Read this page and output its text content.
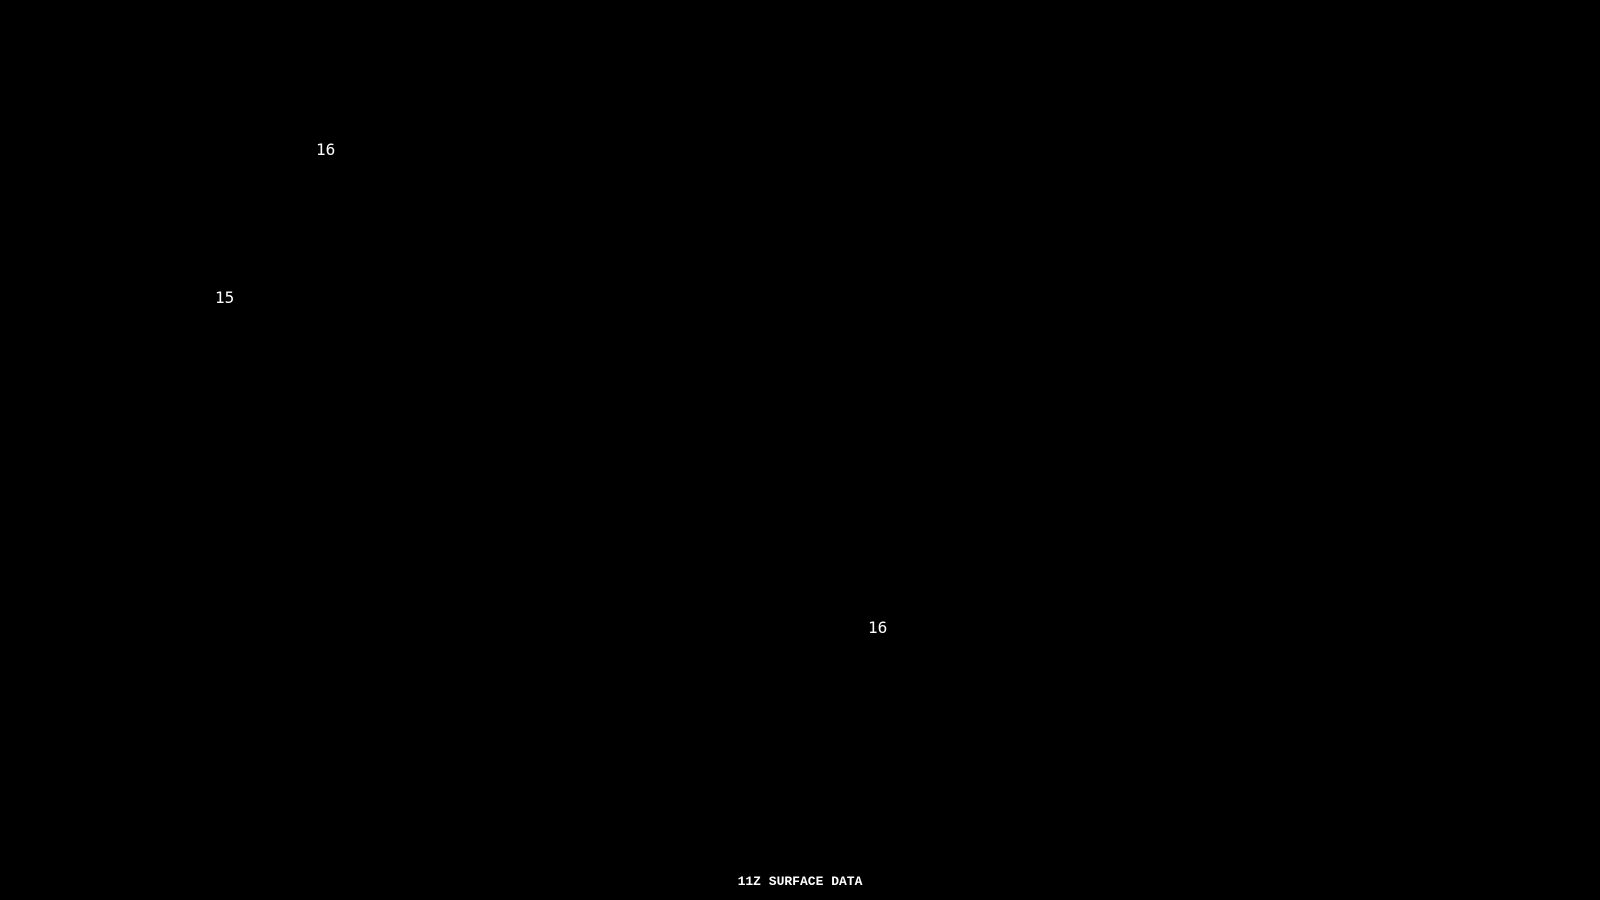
16
15
16
11Z SURFACE DATA
